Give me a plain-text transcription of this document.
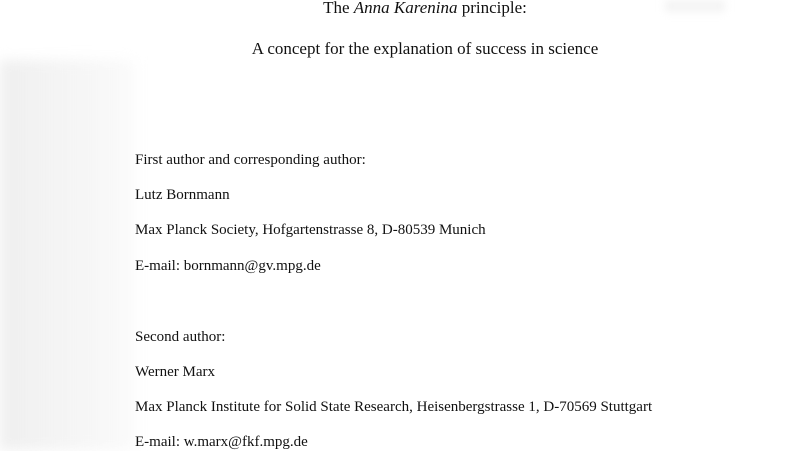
The Anna Karenina principle:
A concept for the explanation of success in science
First author and corresponding author:
Lutz Bornmann
Max Planck Society, Hofgartenstrasse 8, D-80539 Munich
E-mail: bornmann@gv.mpg.de
Second author:
Werner Marx
Max Planck Institute for Solid State Research, Heisenbergstrasse 1, D-70569 Stuttgart
E-mail: w.marx@fkf.mpg.de
